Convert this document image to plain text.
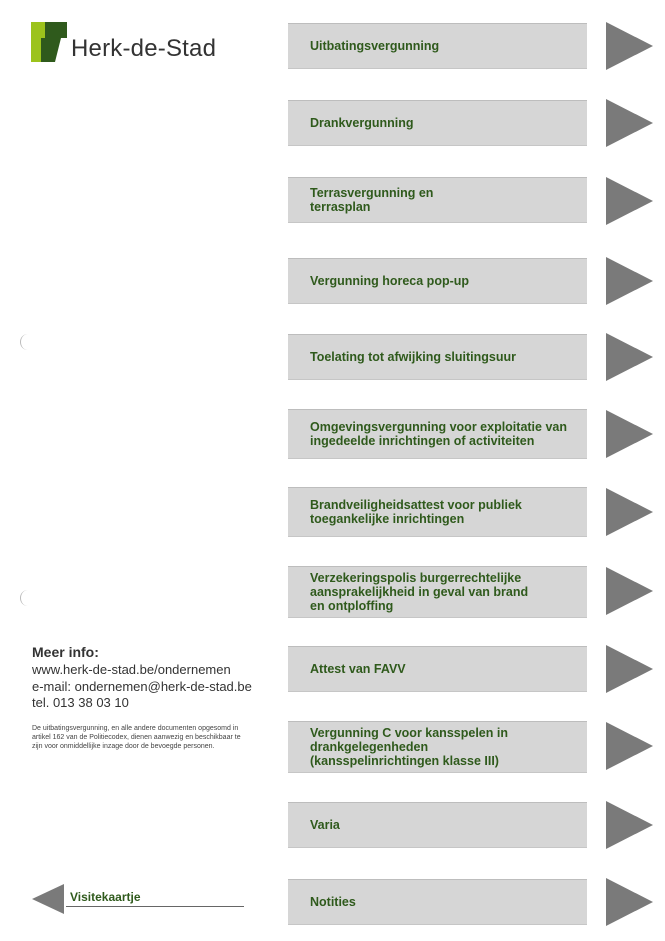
Herk-de-Stad	Uitbatingsvergunning
Drankvergunning
Terrasvergunning en
terrasplan
Vergunning horeca pop-up
Toelating tot afwijking sluitingsuur
Omgevingsvergunning voor exploitatie van
ingedeelde inrichtingen of activiteiten
Brandveiligheidsattest voor publiek
toegankelijke inrichtingen
Verzekeringspolis burgerrechtelijke
aansprakelijkheid in geval van brand
en ontploffing
Attest van FAVV
Vergunning C voor kansspelen in
drankgelegenheden
(kansspelinrichtingen klasse III)
Varia
Notities
Meer info:
www.herk-de-stad.be/ondernemen
e-mail: ondernemen@herk-de-stad.be
tel. 013 38 03 10
De uitbatingsvergunning, en alle andere documenten opgesomd in artikel 162 van de Politiecodex, dienen aanwezig en beschikbaar te zijn voor onmiddellijke inzage door de bevoegde personen.
Visitekaartje
